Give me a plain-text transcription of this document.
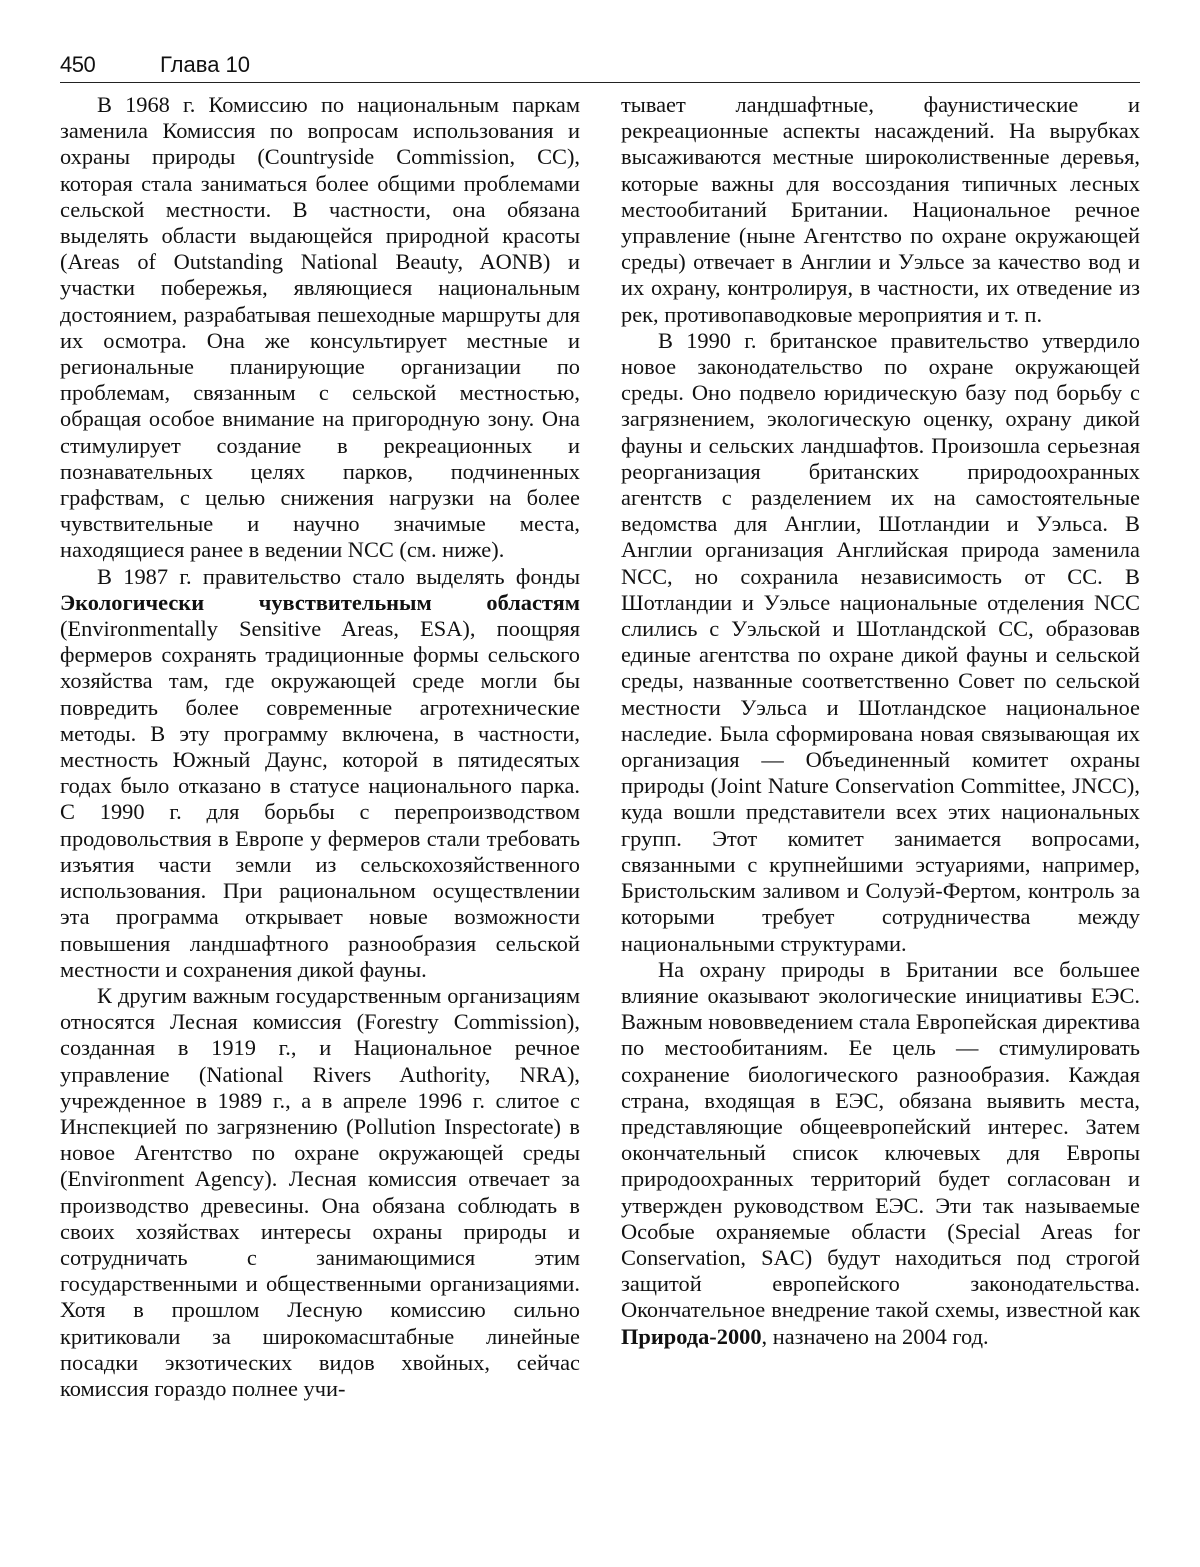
450	Глава 10

В 1968 г. Комиссию по национальным паркам заменила Комиссия по вопросам использования и охраны природы (Countryside Commission, CC), которая стала заниматься более общими проблемами сельской местности. В частности, она обязана выделять области выдающейся природной красоты (Areas of Outstanding National Beauty, AONB) и участки побережья, являющиеся национальным достоянием, разрабатывая пешеходные маршруты для их осмотра. Она же консультирует местные и региональные планирующие организации по проблемам, связанным с сельской местностью, обращая особое внимание на пригородную зону. Она стимулирует создание в рекреационных и познавательных целях парков, подчиненных графствам, с целью снижения нагрузки на более чувствительные и научно значимые места, находящиеся ранее в ведении NCC (см. ниже).

В 1987 г. правительство стало выделять фонды Экологически чувствительным областям (Environmentally Sensitive Areas, ESA), поощряя фермеров сохранять традиционные формы сельского хозяйства там, где окружающей среде могли бы повредить более современные агротехнические методы. В эту программу включена, в частности, местность Южный Даунс, которой в пятидесятых годах было отказано в статусе национального парка. С 1990 г. для борьбы с перепроизводством продовольствия в Европе у фермеров стали требовать изъятия части земли из сельскохозяйственного использования. При рациональном осуществлении эта программа открывает новые возможности повышения ландшафтного разнообразия сельской местности и сохранения дикой фауны.

К другим важным государственным организациям относятся Лесная комиссия (Forestry Commission), созданная в 1919 г., и Национальное речное управление (National Rivers Authority, NRA), учрежденное в 1989 г., а в апреле 1996 г. слитое с Инспекцией по загрязнению (Pollution Inspectorate) в новое Агентство по охране окружающей среды (Environment Agency). Лесная комиссия отвечает за производство древесины. Она обязана соблюдать в своих хозяйствах интересы охраны природы и сотрудничать с занимающимися этим государственными и общественными организациями. Хотя в прошлом Лесную комиссию сильно критиковали за широкомасштабные линейные посадки экзотических видов хвойных, сейчас комиссия гораздо полнее учи-

тывает ландшафтные, фаунистические и рекреационные аспекты насаждений. На вырубках высаживаются местные широколиственные деревья, которые важны для воссоздания типичных лесных местообитаний Британии. Национальное речное управление (ныне Агентство по охране окружающей среды) отвечает в Англии и Уэльсе за качество вод и их охрану, контролируя, в частности, их отведение из рек, противопаводковые мероприятия и т. п.

В 1990 г. британское правительство утвердило новое законодательство по охране окружающей среды. Оно подвело юридическую базу под борьбу с загрязнением, экологическую оценку, охрану дикой фауны и сельских ландшафтов. Произошла серьезная реорганизация британских природоохранных агентств с разделением их на самостоятельные ведомства для Англии, Шотландии и Уэльса. В Англии организация Английская природа заменила NCC, но сохранила независимость от CC. В Шотландии и Уэльсе национальные отделения NCC слились с Уэльской и Шотландской CC, образовав единые агентства по охране дикой фауны и сельской среды, названные соответственно Совет по сельской местности Уэльса и Шотландское национальное наследие. Была сформирована новая связывающая их организация — Объединенный комитет охраны природы (Joint Nature Conservation Committee, JNCC), куда вошли представители всех этих национальных групп. Этот комитет занимается вопросами, связанными с крупнейшими эстуариями, например, Бристольским заливом и Солуэй-Фертом, контроль за которыми требует сотрудничества между национальными структурами.

На охрану природы в Британии все большее влияние оказывают экологические инициативы ЕЭС. Важным нововведением стала Европейская директива по местообитаниям. Ее цель — стимулировать сохранение биологического разнообразия. Каждая страна, входящая в ЕЭС, обязана выявить места, представляющие общеевропейский интерес. Затем окончательный список ключевых для Европы природоохранных территорий будет согласован и утвержден руководством ЕЭС. Эти так называемые Особые охраняемые области (Special Areas for Conservation, SAC) будут находиться под строгой защитой европейского законодательства. Окончательное внедрение такой схемы, известной как Природа-2000, назначено на 2004 год.
